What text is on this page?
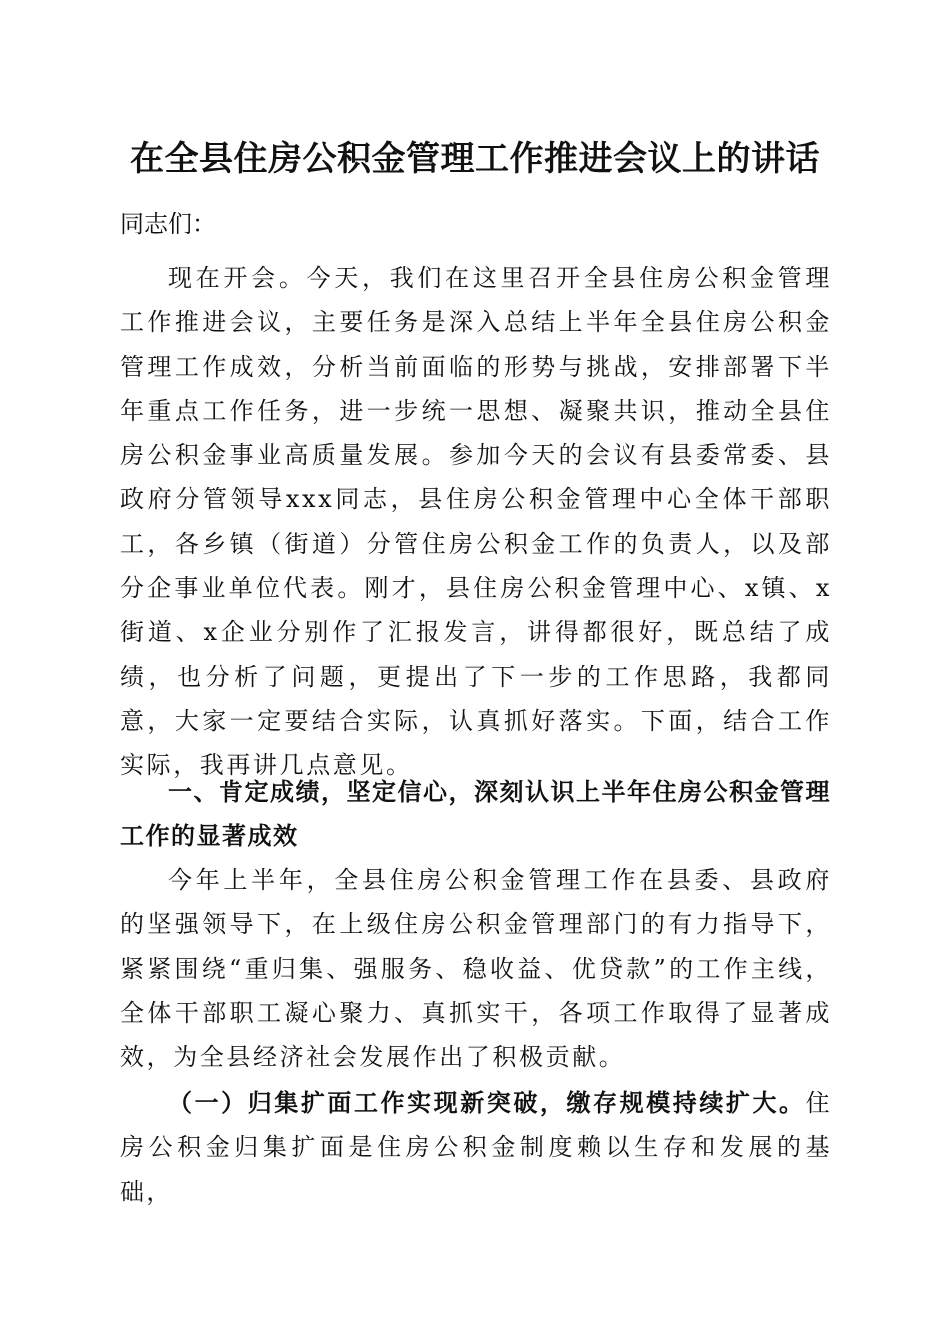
在全县住房公积金管理工作推进会议上的讲话

同志们：

现在开会。今天，我们在这里召开全县住房公积金管理工作推进会议，主要任务是深入总结上半年全县住房公积金管理工作成效，分析当前面临的形势与挑战，安排部署下半年重点工作任务，进一步统一思想、凝聚共识，推动全县住房公积金事业高质量发展。参加今天的会议有县委常委、县政府分管领导xxx同志，县住房公积金管理中心全体干部职工，各乡镇（街道）分管住房公积金工作的负责人，以及部分企事业单位代表。刚才，县住房公积金管理中心、x镇、x街道、x企业分别作了汇报发言，讲得都很好，既总结了成绩，也分析了问题，更提出了下一步的工作思路，我都同意，大家一定要结合实际，认真抓好落实。下面，结合工作实际，我再讲几点意见。

一、肯定成绩，坚定信心，深刻认识上半年住房公积金管理工作的显著成效

今年上半年，全县住房公积金管理工作在县委、县政府的坚强领导下，在上级住房公积金管理部门的有力指导下，紧紧围绕“重归集、强服务、稳收益、优贷款”的工作主线，全体干部职工凝心聚力、真抓实干，各项工作取得了显著成效，为全县经济社会发展作出了积极贡献。

（一）归集扩面工作实现新突破，缴存规模持续扩大。住房公积金归集扩面是住房公积金制度赖以生存和发展的基础，
